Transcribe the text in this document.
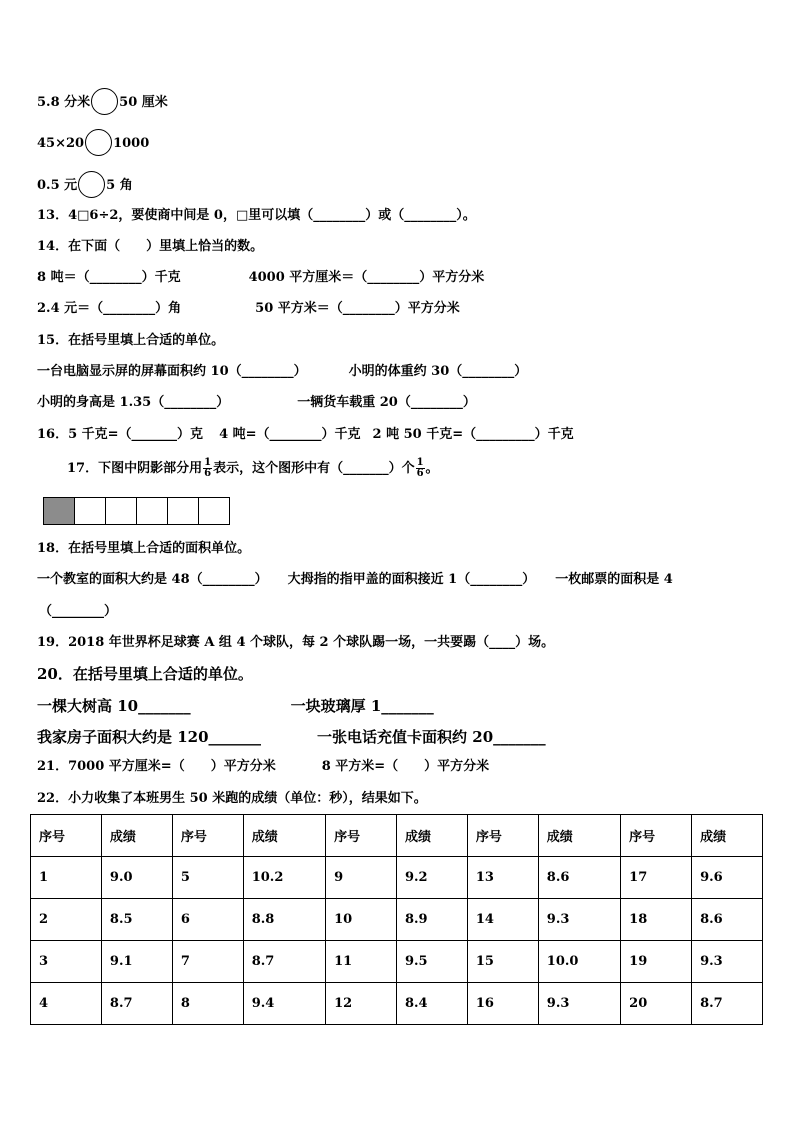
5.8 分米 50 厘米
45×20 1000
0.5 元 5 角
13．4□6÷2，要使商中间是 0，□里可以填（________）或（________）。
14．在下面（　　）里填上恰当的数。
8 吨＝（________）千克	4000 平方厘米＝（________）平方分米
2.4 元＝（________）角	50 平方米＝（________）平方分米
15．在括号里填上合适的单位。
一台电脑显示屏的屏幕面积约 10（________）	小明的体重约 30（________）
小明的身高是 1.35（________）	一辆货车载重 20（________）
16．5 千克=（_______）克 4 吨=（________）千克 2 吨 50 千克=（_________）千克
17．下图中阴影部分用 $\frac{1}{6}$ 表示，这个图形中有（_______）个 $\frac{1}{6}$ 。
18．在括号里填上合适的面积单位。
一个教室的面积大约是 48（________） 大拇指的指甲盖的面积接近 1（________） 一枚邮票的面积是 4
（________）
19．2018 年世界杯足球赛 A 组 4 个球队，每 2 个球队踢一场，一共要踢（____）场。
20．在括号里填上合适的单位。
一棵大树高 10_______	一块玻璃厚 1_______
我家房子面积大约是 120_______	一张电话充值卡面积约 20_______
21．7000 平方厘米=（　　）平方分米	8 平方米=（　　）平方分米
22．小力收集了本班男生 50 米跑的成绩（单位：秒），结果如下。
序号	成绩	序号	成绩	序号	成绩	序号	成绩	序号	成绩
1	9.0	5	10.2	9	9.2	13	8.6	17	9.6
2	8.5	6	8.8	10	8.9	14	9.3	18	8.6
3	9.1	7	8.7	11	9.5	15	10.0	19	9.3
4	8.7	8	9.4	12	8.4	16	9.3	20	8.7
